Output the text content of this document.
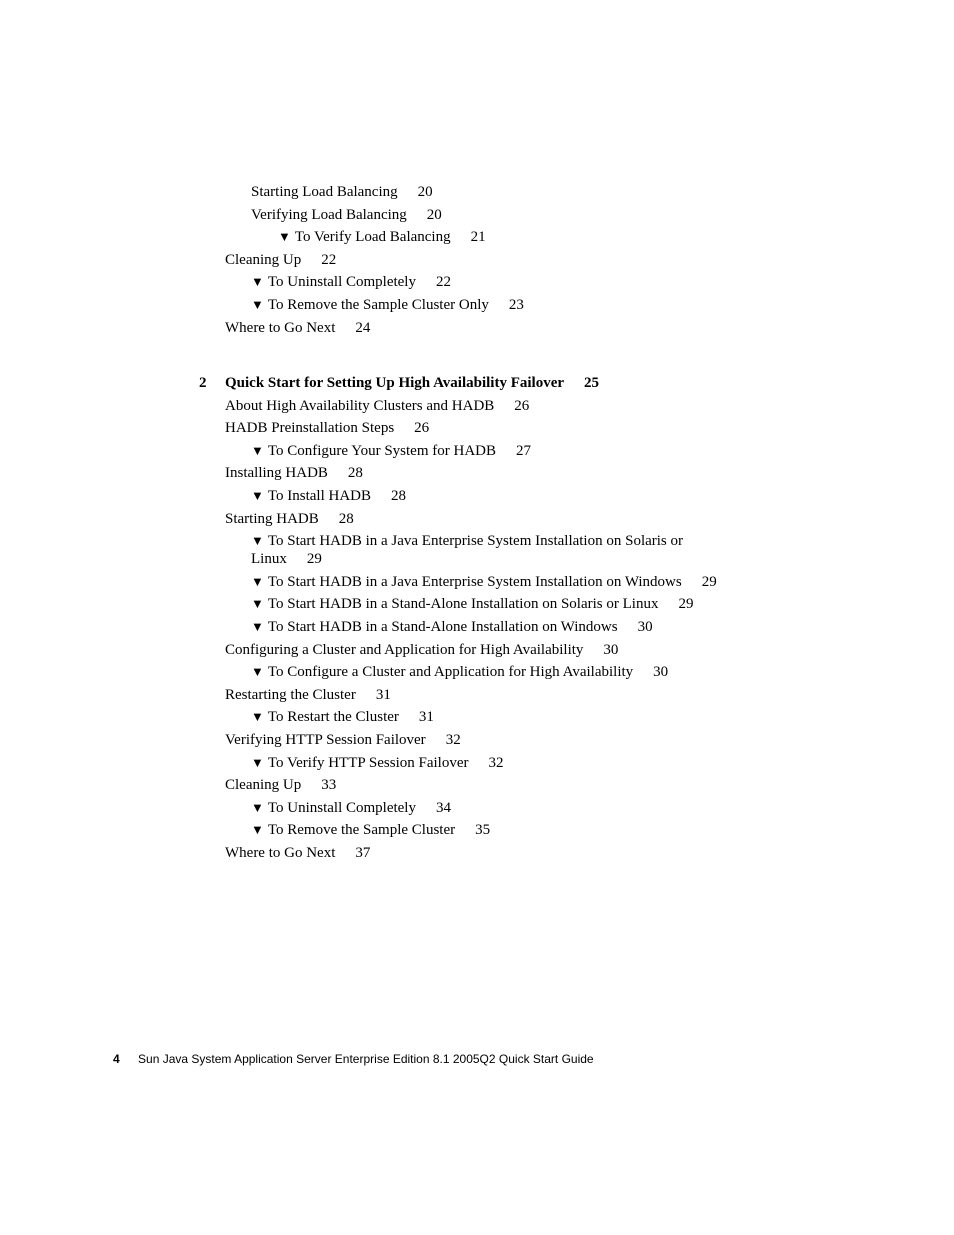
Starting Load Balancing 20
Verifying Load Balancing 20
▼ To Verify Load Balancing 21
Cleaning Up 22
▼ To Uninstall Completely 22
▼ To Remove the Sample Cluster Only 23
Where to Go Next 24
2 Quick Start for Setting Up High Availability Failover 25
About High Availability Clusters and HADB 26
HADB Preinstallation Steps 26
▼ To Configure Your System for HADB 27
Installing HADB 28
▼ To Install HADB 28
Starting HADB 28
▼ To Start HADB in a Java Enterprise System Installation on Solaris or
Linux 29
▼ To Start HADB in a Java Enterprise System Installation on Windows 29
▼ To Start HADB in a Stand-Alone Installation on Solaris or Linux 29
▼ To Start HADB in a Stand-Alone Installation on Windows 30
Configuring a Cluster and Application for High Availability 30
▼ To Configure a Cluster and Application for High Availability 30
Restarting the Cluster 31
▼ To Restart the Cluster 31
Verifying HTTP Session Failover 32
▼ To Verify HTTP Session Failover 32
Cleaning Up 33
▼ To Uninstall Completely 34
▼ To Remove the Sample Cluster 35
Where to Go Next 37
4 Sun Java System Application Server Enterprise Edition 8.1 2005Q2 Quick Start Guide
